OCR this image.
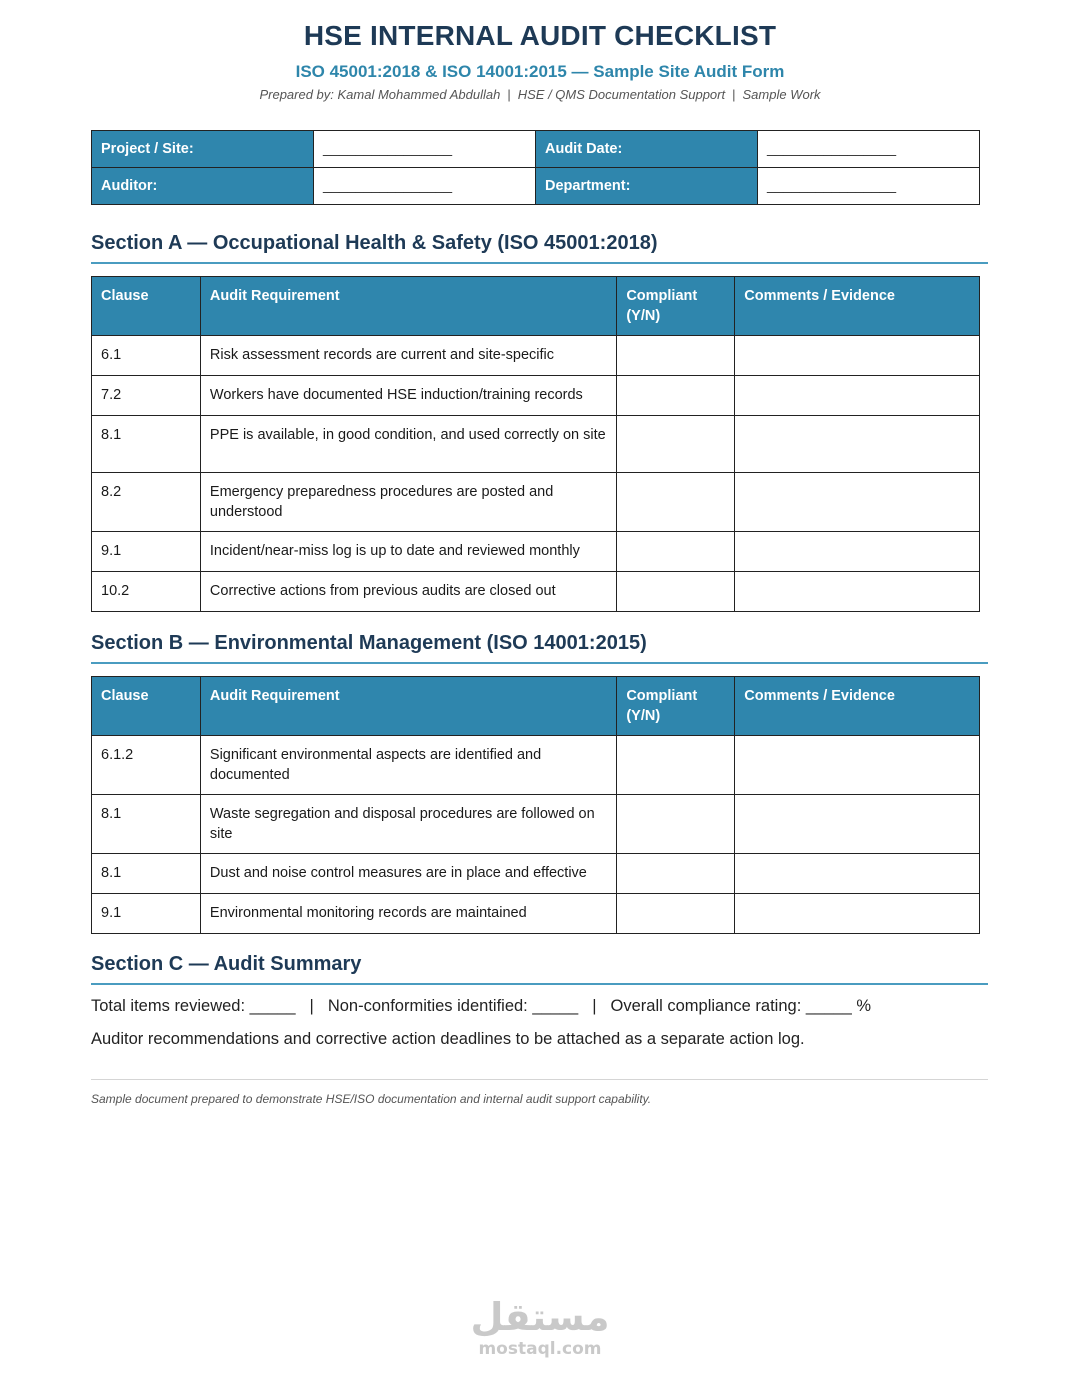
HSE INTERNAL AUDIT CHECKLIST
ISO 45001:2018 & ISO 14001:2015 — Sample Site Audit Form
Prepared by: Kamal Mohammed Abdullah | HSE / QMS Documentation Support | Sample Work
Project / Site:	________________	Audit Date:	________________
Auditor:	________________	Department:	________________
Section A — Occupational Health & Safety (ISO 45001:2018)
Clause	Audit Requirement	Compliant (Y/N)	Comments / Evidence
6.1	Risk assessment records are current and site-specific		
7.2	Workers have documented HSE induction/training records		
8.1	PPE is available, in good condition, and used correctly on site		
8.2	Emergency preparedness procedures are posted and understood		
9.1	Incident/near-miss log is up to date and reviewed monthly		
10.2	Corrective actions from previous audits are closed out		
Section B — Environmental Management (ISO 14001:2015)
Clause	Audit Requirement	Compliant (Y/N)	Comments / Evidence
6.1.2	Significant environmental aspects are identified and documented		
8.1	Waste segregation and disposal procedures are followed on site		
8.1	Dust and noise control measures are in place and effective		
9.1	Environmental monitoring records are maintained		
Section C — Audit Summary
Total items reviewed: _____ | Non-conformities identified: _____ | Overall compliance rating: _____ %
Auditor recommendations and corrective action deadlines to be attached as a separate action log.
Sample document prepared to demonstrate HSE/ISO documentation and internal audit support capability.
مستقل
mostaql.com
